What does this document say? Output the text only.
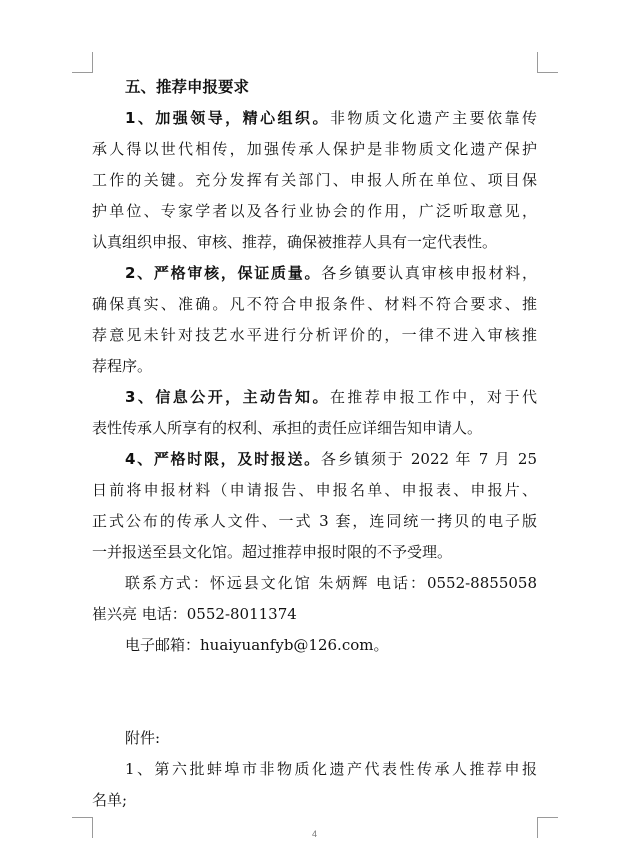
五、推荐申报要求
1、加强领导，精心组织。非物质文化遗产主要依靠传
承人得以世代相传，加强传承人保护是非物质文化遗产保护
工作的关键。充分发挥有关部门、申报人所在单位、项目保
护单位、专家学者以及各行业协会的作用，广泛听取意见，
认真组织申报、审核、推荐，确保被推荐人具有一定代表性。
2、严格审核，保证质量。各乡镇要认真审核申报材料，
确保真实、准确。凡不符合申报条件、材料不符合要求、推
荐意见未针对技艺水平进行分析评价的，一律不进入审核推
荐程序。
3、信息公开，主动告知。在推荐申报工作中，对于代
表性传承人所享有的权利、承担的责任应详细告知申请人。
4、严格时限，及时报送。各乡镇须于 2022 年 7 月 25
日前将申报材料（申请报告、申报名单、申报表、申报片、
正式公布的传承人文件、一式 3 套，连同统一拷贝的电子版
一并报送至县文化馆。超过推荐申报时限的不予受理。
联系方式：怀远县文化馆 朱炳辉 电话：0552-8855058
崔兴亮 电话：0552-8011374
电子邮箱：huaiyuanfyb@126.com。
附件:
1、第六批蚌埠市非物质化遗产代表性传承人推荐申报
名单;
4
